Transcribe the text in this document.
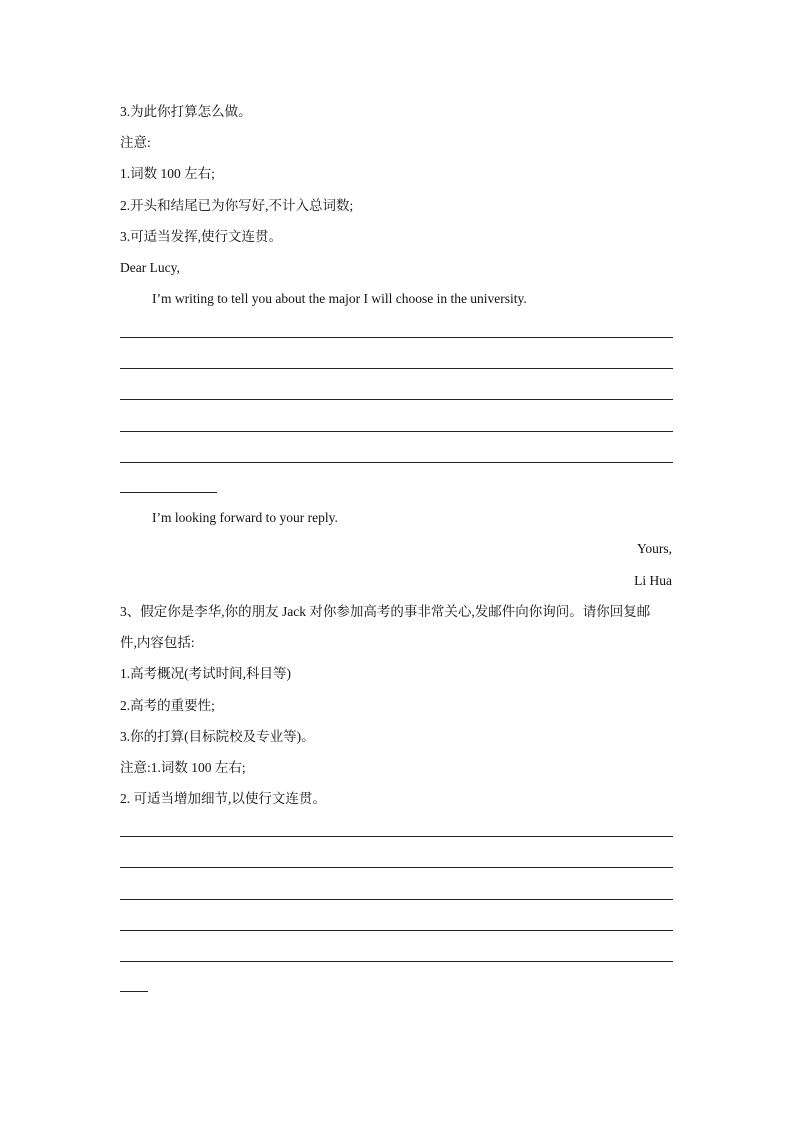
3.为此你打算怎么做。
注意:
1.词数 100 左右;
2.开头和结尾已为你写好,不计入总词数;
3.可适当发挥,使行文连贯。
Dear Lucy,
I’m writing to tell you about the major I will choose in the university.
I’m looking forward to your reply.
Yours,
Li Hua
3、假定你是李华,你的朋友 Jack 对你参加高考的事非常关心,发邮件向你询问。请你回复邮
件,内容包括:
1.高考概况(考试时间,科目等)
2.高考的重要性;
3.你的打算(目标院校及专业等)。
注意:1.词数 100 左右;
2. 可适当增加细节,以使行文连贯。
